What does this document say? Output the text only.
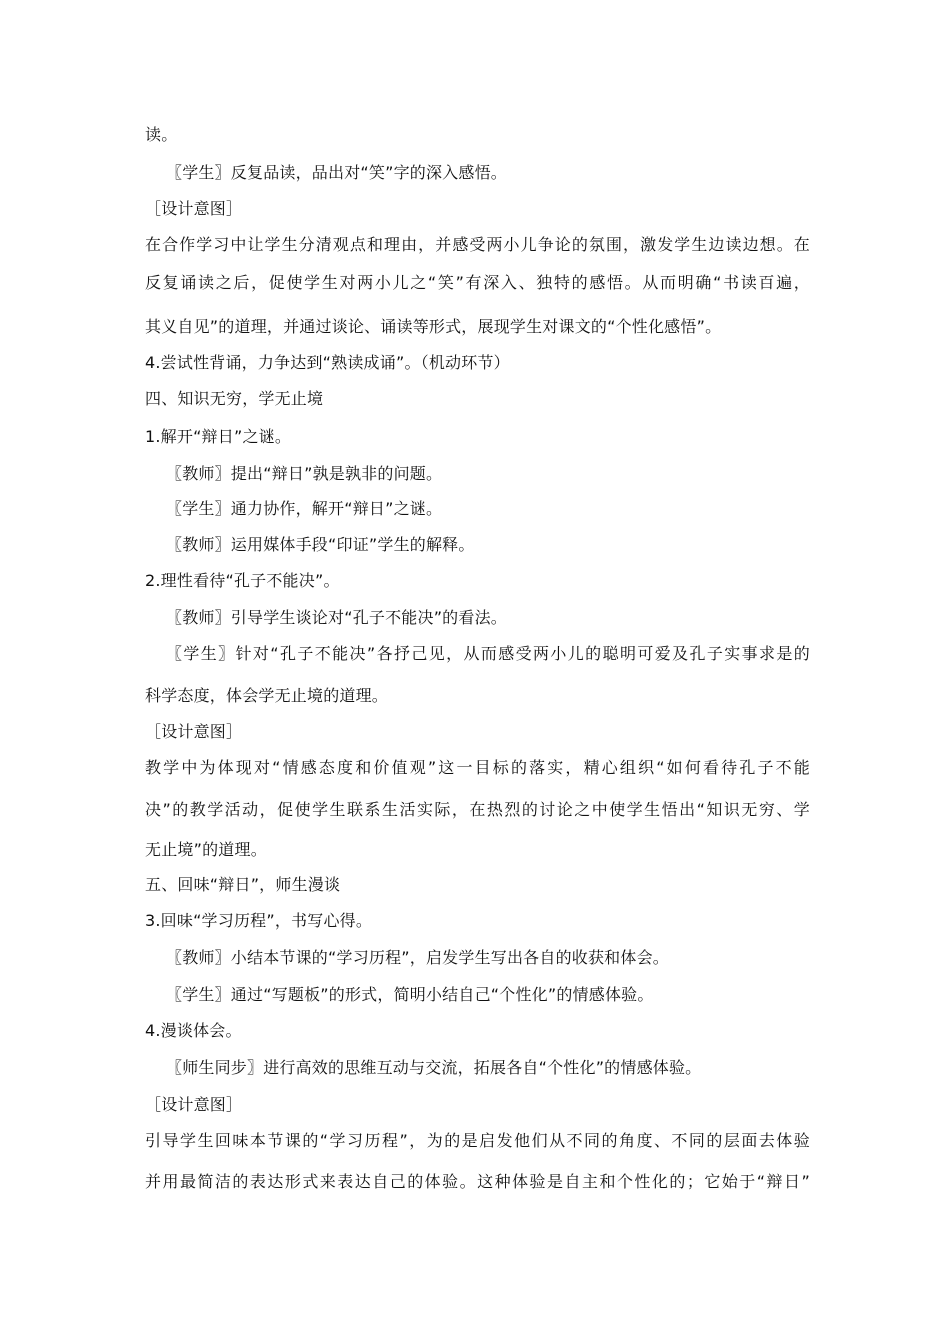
读。
〖学生〗反复品读，品出对“笑”字的深入感悟。
［设计意图］
在合作学习中让学生分清观点和理由，并感受两小儿争论的氛围，激发学生边读边想。在
反复诵读之后，促使学生对两小儿之“笑”有深入、独特的感悟。从而明确“书读百遍，
其义自见”的道理，并通过谈论、诵读等形式，展现学生对课文的“个性化感悟”。
4.尝试性背诵，力争达到“熟读成诵”。（机动环节）
四、知识无穷，学无止境
1.解开“辩日”之谜。
〖教师〗提出“辩日”孰是孰非的问题。
〖学生〗通力协作，解开“辩日”之谜。
〖教师〗运用媒体手段“印证”学生的解释。
2.理性看待“孔子不能决”。
〖教师〗引导学生谈论对“孔子不能决”的看法。
〖学生〗针对“孔子不能决”各抒己见，从而感受两小儿的聪明可爱及孔子实事求是的
科学态度，体会学无止境的道理。
［设计意图］
教学中为体现对“情感态度和价值观”这一目标的落实，精心组织“如何看待孔子不能
决”的教学活动，促使学生联系生活实际，在热烈的讨论之中使学生悟出“知识无穷、学
无止境”的道理。
五、回味“辩日”，师生漫谈
3.回味“学习历程”，书写心得。
〖教师〗小结本节课的“学习历程”，启发学生写出各自的收获和体会。
〖学生〗通过“写题板”的形式，简明小结自己“个性化”的情感体验。
4.漫谈体会。
〖师生同步〗进行高效的思维互动与交流，拓展各自“个性化”的情感体验。
［设计意图］
引导学生回味本节课的“学习历程”，为的是启发他们从不同的角度、不同的层面去体验
并用最简洁的表达形式来表达自己的体验。这种体验是自主和个性化的；它始于“辩日”
